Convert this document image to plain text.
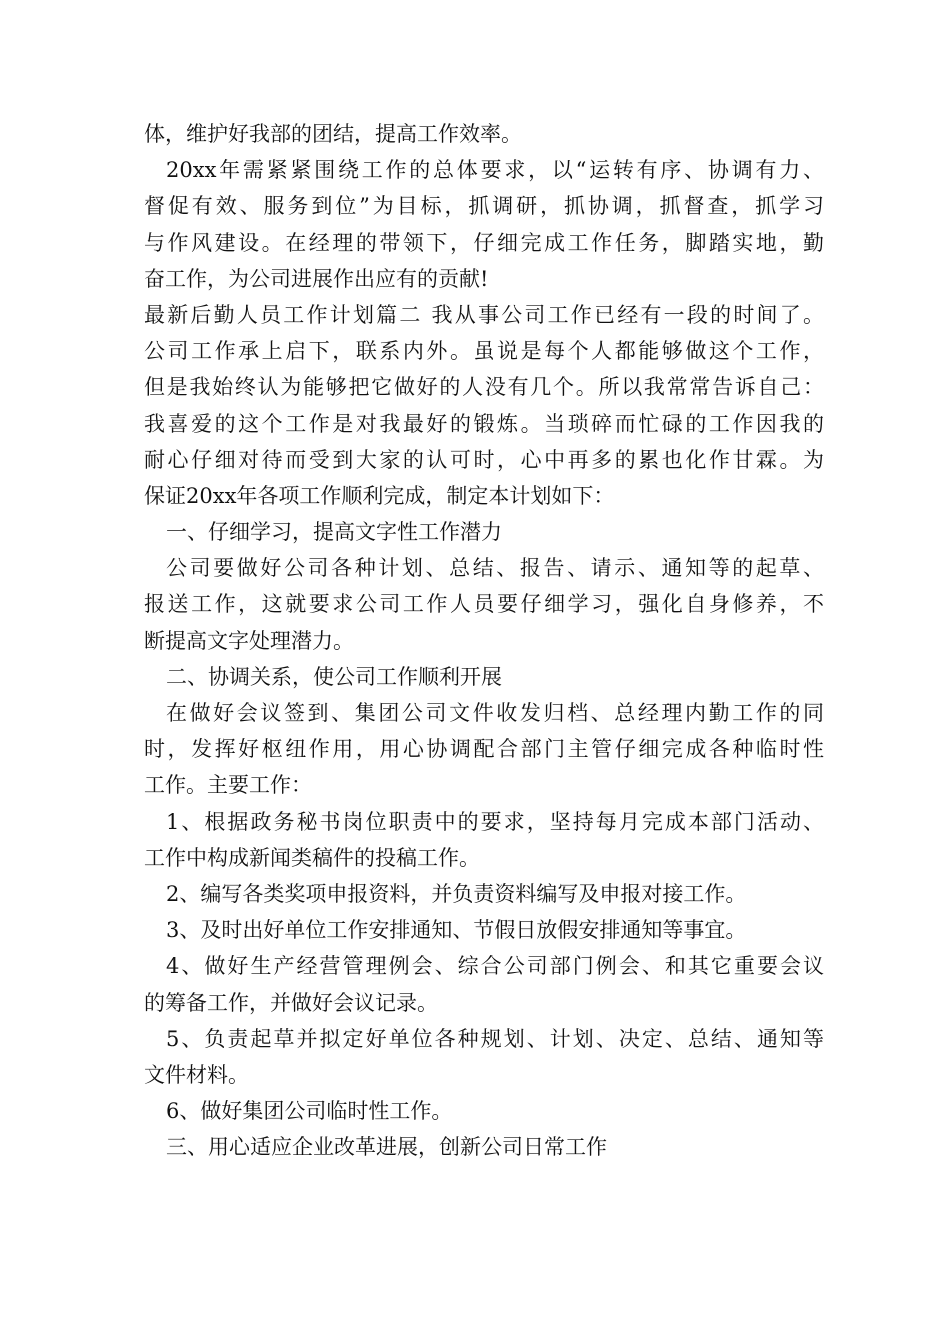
体，维护好我部的团结，提高工作效率。
20xx年需紧紧围绕工作的总体要求，以“运转有序、协调有力、
督促有效、服务到位”为目标，抓调研，抓协调，抓督查，抓学习
与作风建设。在经理的带领下，仔细完成工作任务，脚踏实地，勤
奋工作，为公司进展作出应有的贡献!
最新后勤人员工作计划篇二 我从事公司工作已经有一段的时间了。
公司工作承上启下，联系内外。虽说是每个人都能够做这个工作，
但是我始终认为能够把它做好的人没有几个。所以我常常告诉自己：
我喜爱的这个工作是对我最好的锻炼。当琐碎而忙碌的工作因我的
耐心仔细对待而受到大家的认可时，心中再多的累也化作甘霖。为
保证20xx年各项工作顺利完成，制定本计划如下：
一、仔细学习，提高文字性工作潜力
公司要做好公司各种计划、总结、报告、请示、通知等的起草、
报送工作，这就要求公司工作人员要仔细学习，强化自身修养，不
断提高文字处理潜力。
二、协调关系，使公司工作顺利开展
在做好会议签到、集团公司文件收发归档、总经理内勤工作的同
时，发挥好枢纽作用，用心协调配合部门主管仔细完成各种临时性
工作。主要工作：
1、根据政务秘书岗位职责中的要求，坚持每月完成本部门活动、
工作中构成新闻类稿件的投稿工作。
2、编写各类奖项申报资料，并负责资料编写及申报对接工作。
3、及时出好单位工作安排通知、节假日放假安排通知等事宜。
4、做好生产经营管理例会、综合公司部门例会、和其它重要会议
的筹备工作，并做好会议记录。
5、负责起草并拟定好单位各种规划、计划、决定、总结、通知等
文件材料。
6、做好集团公司临时性工作。
三、用心适应企业改革进展，创新公司日常工作
